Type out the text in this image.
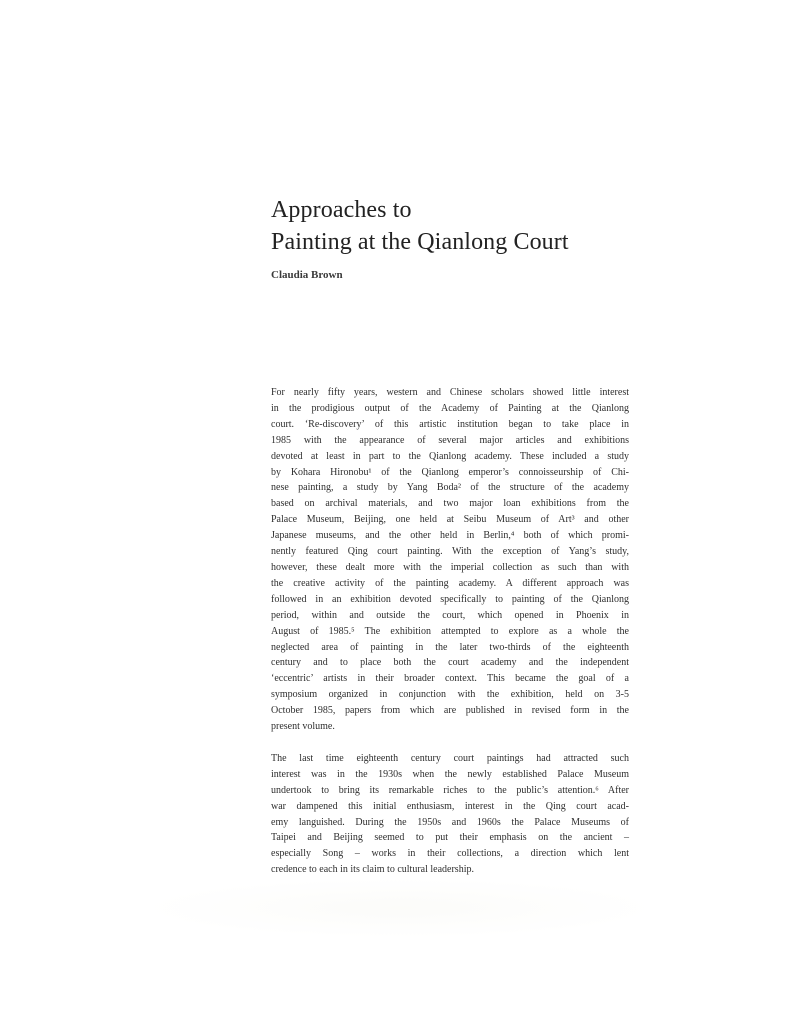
Approaches to
Painting at the Qianlong Court

Claudia Brown

For nearly fifty years, western and Chinese scholars showed little interest
in the prodigious output of the Academy of Painting at the Qianlong
court. ‘Re-discovery’ of this artistic institution began to take place in
1985 with the appearance of several major articles and exhibitions
devoted at least in part to the Qianlong academy. These included a study
by Kohara Hironobu¹ of the Qianlong emperor’s connoisseurship of Chi-
nese painting, a study by Yang Boda² of the structure of the academy
based on archival materials, and two major loan exhibitions from the
Palace Museum, Beijing, one held at Seibu Museum of Art³ and other
Japanese museums, and the other held in Berlin,⁴ both of which promi-
nently featured Qing court painting. With the exception of Yang’s study,
however, these dealt more with the imperial collection as such than with
the creative activity of the painting academy. A different approach was
followed in an exhibition devoted specifically to painting of the Qianlong
period, within and outside the court, which opened in Phoenix in
August of 1985.⁵ The exhibition attempted to explore as a whole the
neglected area of painting in the later two-thirds of the eighteenth
century and to place both the court academy and the independent
‘eccentric’ artists in their broader context. This became the goal of a
symposium organized in conjunction with the exhibition, held on 3-5
October 1985, papers from which are published in revised form in the
present volume.

The last time eighteenth century court paintings had attracted such
interest was in the 1930s when the newly established Palace Museum
undertook to bring its remarkable riches to the public’s attention.⁶ After
war dampened this initial enthusiasm, interest in the Qing court acad-
emy languished. During the 1950s and 1960s the Palace Museums of
Taipei and Beijing seemed to put their emphasis on the ancient –
especially Song – works in their collections, a direction which lent
credence to each in its claim to cultural leadership.
